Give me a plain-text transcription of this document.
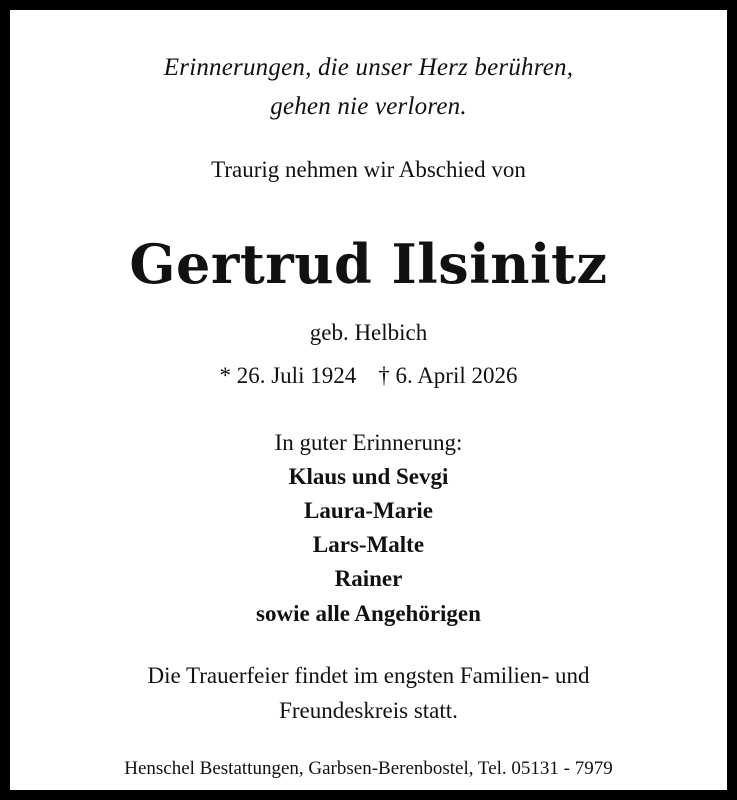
Erinnerungen, die unser Herz berühren,
gehen nie verloren.
Traurig nehmen wir Abschied von
Gertrud Ilsinitz
geb. Helbich
* 26. Juli 1924 † 6. April 2026
In guter Erinnerung:
Klaus und Sevgi
Laura-Marie
Lars-Malte
Rainer
sowie alle Angehörigen
Die Trauerfeier findet im engsten Familien- und
Freundeskreis statt.
Henschel Bestattungen, Garbsen-Berenbostel, Tel. 05131 - 7979
